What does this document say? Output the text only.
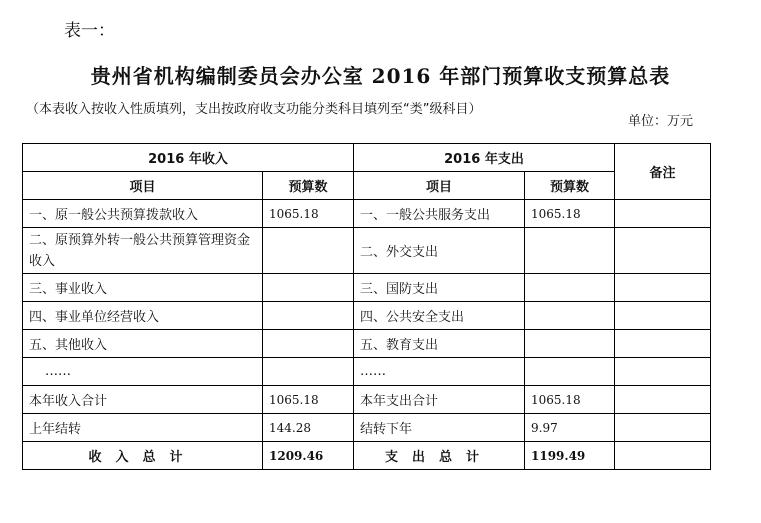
表一：
贵州省机构编制委员会办公室 2016 年部门预算收支预算总表
（本表收入按收入性质填列，支出按政府收支功能分类科目填列至“类”级科目）
单位：万元
2016 年收入		2016 年支出		备注
项目	预算数	项目	预算数	
一、原一般公共预算拨款收入	1065.18	一、一般公共服务支出	1065.18	
二、原预算外转一般公共预算管理资金收入		二、外交支出		
三、事业收入		三、国防支出		
四、事业单位经营收入		四、公共安全支出		
五、其他收入		五、教育支出		
……		……		
本年收入合计	1065.18	本年支出合计	1065.18	
上年结转	144.28	结转下年	9.97	
收入总计	1209.46	支出总计	1199.49	
